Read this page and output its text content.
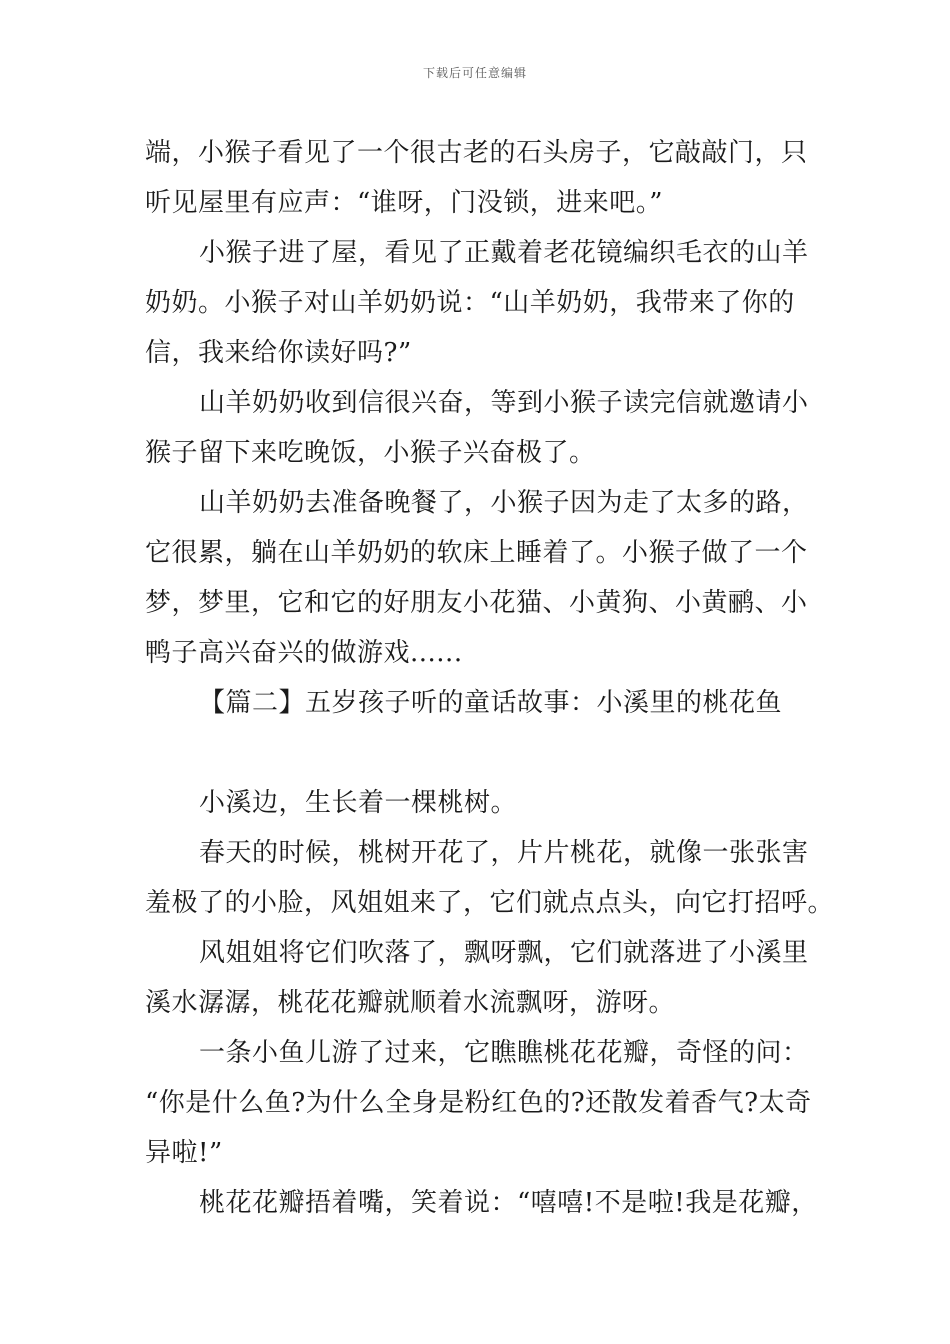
下载后可任意编辑
端，小猴子看见了一个很古老的石头房子，它敲敲门，只
听见屋里有应声：“谁呀，门没锁，进来吧。”
小猴子进了屋，看见了正戴着老花镜编织毛衣的山羊
奶奶。小猴子对山羊奶奶说：“山羊奶奶，我带来了你的
信，我来给你读好吗?”
山羊奶奶收到信很兴奋，等到小猴子读完信就邀请小
猴子留下来吃晚饭，小猴子兴奋极了。
山羊奶奶去准备晚餐了，小猴子因为走了太多的路，
它很累，躺在山羊奶奶的软床上睡着了。小猴子做了一个
梦，梦里，它和它的好朋友小花猫、小黄狗、小黄鹂、小
鸭子高兴奋兴的做游戏......
【篇二】五岁孩子听的童话故事：小溪里的桃花鱼
小溪边，生长着一棵桃树。
春天的时候，桃树开花了，片片桃花，就像一张张害
羞极了的小脸，风姐姐来了，它们就点点头，向它打招呼。
风姐姐将它们吹落了，飘呀飘，它们就落进了小溪里
溪水潺潺，桃花花瓣就顺着水流飘呀，游呀。
一条小鱼儿游了过来，它瞧瞧桃花花瓣，奇怪的问：
“你是什么鱼?为什么全身是粉红色的?还散发着香气?太奇
异啦!”
桃花花瓣捂着嘴，笑着说：“嘻嘻!不是啦!我是花瓣，
